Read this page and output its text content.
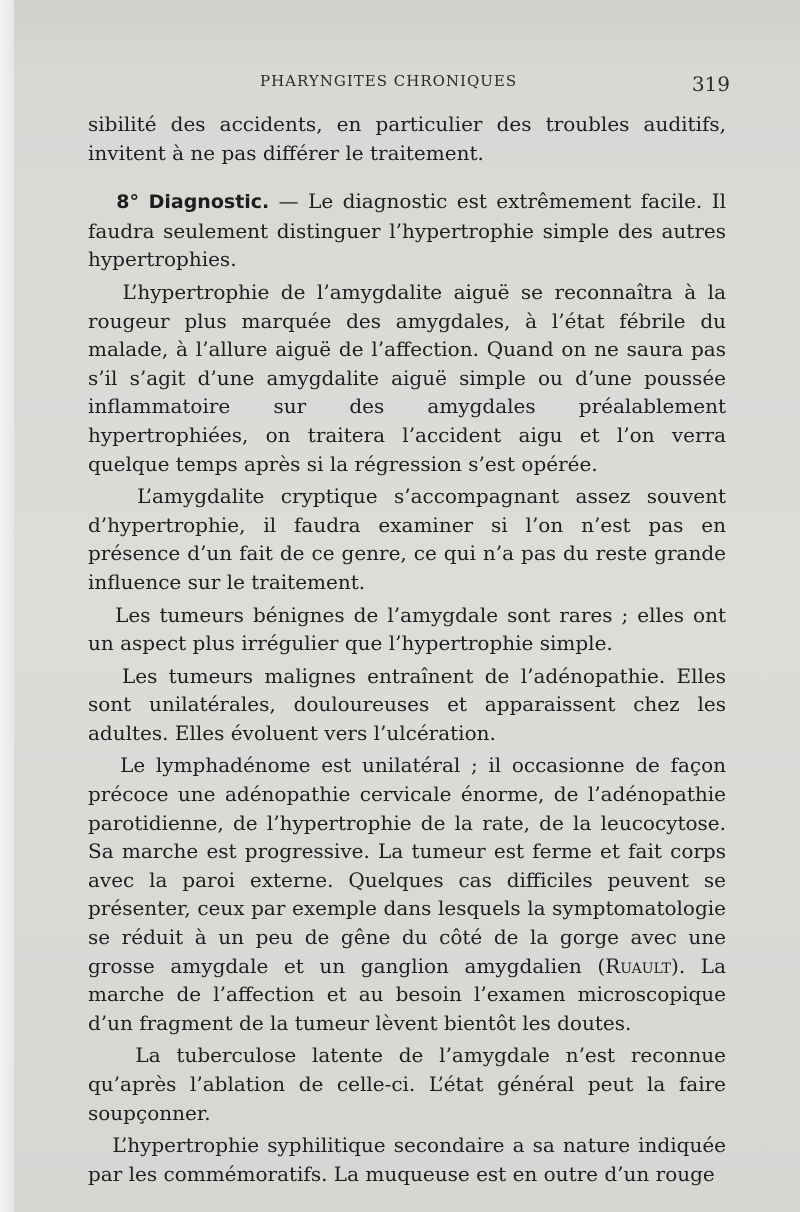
PHARYNGITES CHRONIQUES	319

sibilité des accidents, en particulier des troubles auditifs, invitent à ne pas différer le traitement.

8° Diagnostic. — Le diagnostic est extrêmement facile. Il faudra seulement distinguer l’hypertrophie simple des autres hypertrophies.

L’hypertrophie de l’amygdalite aiguë se reconnaîtra à la rougeur plus marquée des amygdales, à l’état fébrile du malade, à l’allure aiguë de l’affection. Quand on ne saura pas s’il s’agit d’une amygdalite aiguë simple ou d’une poussée inflammatoire sur des amygdales préalablement hypertrophiées, on traitera l’accident aigu et l’on verra quelque temps après si la régression s’est opérée.

L’amygdalite cryptique s’accompagnant assez souvent d’hypertrophie, il faudra examiner si l’on n’est pas en présence d’un fait de ce genre, ce qui n’a pas du reste grande influence sur le traitement.

Les tumeurs bénignes de l’amygdale sont rares ; elles ont un aspect plus irrégulier que l’hypertrophie simple.

Les tumeurs malignes entraînent de l’adénopathie. Elles sont unilatérales, douloureuses et apparaissent chez les adultes. Elles évoluent vers l’ulcération.

Le lymphadénome est unilatéral ; il occasionne de façon précoce une adénopathie cervicale énorme, de l’adénopathie parotidienne, de l’hypertrophie de la rate, de la leucocytose. Sa marche est progressive. La tumeur est ferme et fait corps avec la paroi externe. Quelques cas difficiles peuvent se présenter, ceux par exemple dans lesquels la symptomatologie se réduit à un peu de gêne du côté de la gorge avec une grosse amygdale et un ganglion amygdalien (Ruault). La marche de l’affection et au besoin l’examen microscopique d’un fragment de la tumeur lèvent bientôt les doutes.

La tuberculose latente de l’amygdale n’est reconnue qu’après l’ablation de celle-ci. L’état général peut la faire soupçonner.

L’hypertrophie syphilitique secondaire a sa nature indiquée par les commémoratifs. La muqueuse est en outre d’un rouge
